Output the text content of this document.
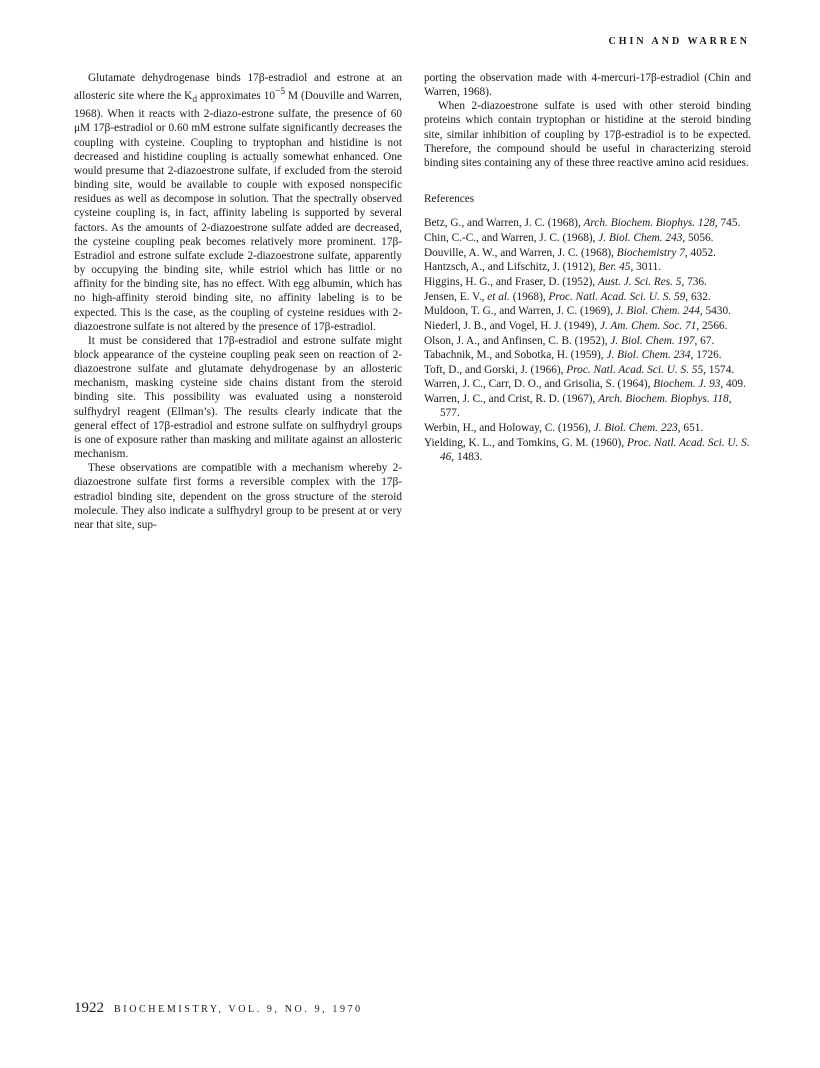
CHIN AND WARREN

Glutamate dehydrogenase binds 17β-estradiol and estrone at an allosteric site where the $K_d$ approximates $10^{-5}$ M (Douville and Warren, 1968). When it reacts with 2-diazo-estrone sulfate, the presence of 60 μM 17β-estradiol or 0.60 mM estrone sulfate significantly decreases the coupling with cysteine. Coupling to tryptophan and histidine is not decreased and histidine coupling is actually somewhat enhanced. One would presume that 2-diazoestrone sulfate, if excluded from the steroid binding site, would be available to couple with exposed nonspecific residues as well as decompose in solution. That the spectrally observed cysteine coupling is, in fact, affinity labeling is supported by several factors. As the amounts of 2-diazoestrone sulfate added are decreased, the cysteine coupling peak becomes relatively more prominent. 17β-Estradiol and estrone sulfate exclude 2-diazoestrone sulfate, apparently by occupying the binding site, while estriol which has little or no affinity for the binding site, has no effect. With egg albumin, which has no high-affinity steroid binding site, no affinity labeling is to be expected. This is the case, as the coupling of cysteine residues with 2-diazoestrone sulfate is not altered by the presence of 17β-estradiol.

It must be considered that 17β-estradiol and estrone sulfate might block appearance of the cysteine coupling peak seen on reaction of 2-diazoestrone sulfate and glutamate dehydrogenase by an allosteric mechanism, masking cysteine side chains distant from the steroid binding site. This possibility was evaluated using a nonsteroid sulfhydryl reagent (Ellman’s). The results clearly indicate that the general effect of 17β-estradiol and estrone sulfate on sulfhydryl groups is one of exposure rather than masking and militate against an allosteric mechanism.

These observations are compatible with a mechanism whereby 2-diazoestrone sulfate first forms a reversible complex with the 17β-estradiol binding site, dependent on the gross structure of the steroid molecule. They also indicate a sulfhydryl group to be present at or very near that site, sup-

porting the observation made with 4-mercuri-17β-estradiol (Chin and Warren, 1968).

When 2-diazoestrone sulfate is used with other steroid binding proteins which contain tryptophan or histidine at the steroid binding site, similar inhibition of coupling by 17β-estradiol is to be expected. Therefore, the compound should be useful in characterizing steroid binding sites containing any of these three reactive amino acid residues.

References
Betz, G., and Warren, J. C. (1968), Arch. Biochem. Biophys. 128, 745.
Chin, C.-C., and Warren, J. C. (1968), J. Biol. Chem. 243, 5056.
Douville, A. W., and Warren, J. C. (1968), Biochemistry 7, 4052.
Hantzsch, A., and Lifschitz, J. (1912), Ber. 45, 3011.
Higgins, H. G., and Fraser, D. (1952), Aust. J. Sci. Res. 5, 736.
Jensen, E. V., et al. (1968), Proc. Natl. Acad. Sci. U. S. 59, 632.
Muldoon, T. G., and Warren, J. C. (1969), J. Biol. Chem. 244, 5430.
Niederl, J. B., and Vogel, H. J. (1949), J. Am. Chem. Soc. 71, 2566.
Olson, J. A., and Anfinsen, C. B. (1952), J. Biol. Chem. 197, 67.
Tabachnik, M., and Sobotka, H. (1959), J. Biol. Chem. 234, 1726.
Toft, D., and Gorski, J. (1966), Proc. Natl. Acad. Sci. U. S. 55, 1574.
Warren, J. C., Carr, D. O., and Grisolia, S. (1964), Biochem. J. 93, 409.
Warren, J. C., and Crist, R. D. (1967), Arch. Biochem. Biophys. 118, 577.
Werbin, H., and Holoway, C. (1956), J. Biol. Chem. 223, 651.
Yielding, K. L., and Tomkins, G. M. (1960), Proc. Natl. Acad. Sci. U. S. 46, 1483.
1922 BIOCHEMISTRY, VOL. 9, NO. 9, 1970
